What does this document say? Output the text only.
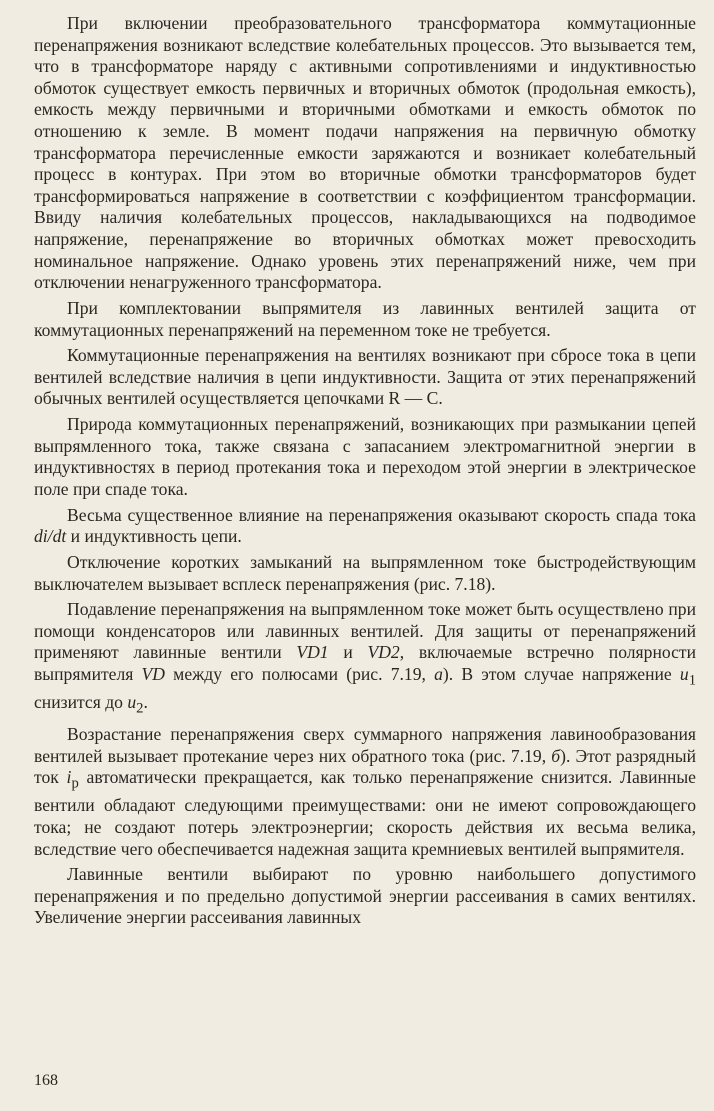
При включении преобразовательного трансформатора коммутационные перенапряжения возникают вследствие колебательных процессов. Это вызывается тем, что в трансформаторе наряду с активными сопротивлениями и индуктивностью обмоток существует емкость первичных и вторичных обмоток (продольная емкость), емкость между первичными и вторичными обмотками и емкость обмоток по отношению к земле. В момент подачи напряжения на первичную обмотку трансформатора перечисленные емкости заряжаются и возникает колебательный процесс в контурах. При этом во вторичные обмотки трансформаторов будет трансформироваться напряжение в соответствии с коэффициентом трансформации. Ввиду наличия колебательных процессов, накладывающихся на подводимое напряжение, перенапряжение во вторичных обмотках может превосходить номинальное напряжение. Однако уровень этих перенапряжений ниже, чем при отключении ненагруженного трансформатора.

При комплектовании выпрямителя из лавинных вентилей защита от коммутационных перенапряжений на переменном токе не требуется.

Коммутационные перенапряжения на вентилях возникают при сбросе тока в цепи вентилей вследствие наличия в цепи индуктивности. Защита от этих перенапряжений обычных вентилей осуществляется цепочками R — C.

Природа коммутационных перенапряжений, возникающих при размыкании цепей выпрямленного тока, также связана с запасанием электромагнитной энергии в индуктивностях в период протекания тока и переходом этой энергии в электрическое поле при спаде тока.

Весьма существенное влияние на перенапряжения оказывают скорость спада тока di/dt и индуктивность цепи.

Отключение коротких замыканий на выпрямленном токе быстродействующим выключателем вызывает всплеск перенапряжения (рис. 7.18).

Подавление перенапряжения на выпрямленном токе может быть осуществлено при помощи конденсаторов или лавинных вентилей. Для защиты от перенапряжений применяют лавинные вентили VD1 и VD2, включаемые встречно полярности выпрямителя VD между его полюсами (рис. 7.19, а). В этом случае напряжение $u_1$ снизится до $u_2$.

Возрастание перенапряжения сверх суммарного напряжения лавинообразования вентилей вызывает протекание через них обратного тока (рис. 7.19, б). Этот разрядный ток $i_р$ автоматически прекращается, как только перенапряжение снизится. Лавинные вентили обладают следующими преимуществами: они не имеют сопровождающего тока; не создают потерь электроэнергии; скорость действия их весьма велика, вследствие чего обеспечивается надежная защита кремниевых вентилей выпрямителя.

Лавинные вентили выбирают по уровню наибольшего допустимого перенапряжения и по предельно допустимой энергии рассеивания в самих вентилях. Увеличение энергии рассеивания лавинных

168
